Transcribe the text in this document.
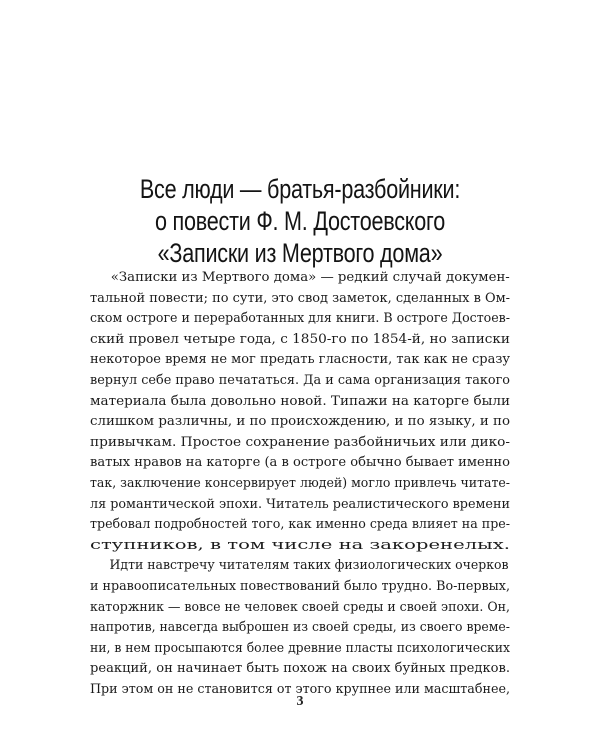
Все люди — братья-разбойники:
о повести Ф. М. Достоевского
«Записки из Мертвого дома»
«Записки из Мертвого дома» — редкий случай докумен-
тальной повести; по сути, это свод заметок, сделанных в Ом-
ском остроге и переработанных для книги. В остроге Достоев-
ский провел четыре года, с 1850-го по 1854-й, но записки
некоторое время не мог предать гласности, так как не сразу
вернул себе право печататься. Да и сама организация такого
материала была довольно новой. Типажи на каторге были
слишком различны, и по происхождению, и по языку, и по
привычкам. Простое сохранение разбойничьих или дико-
ватых нравов на каторге (а в остроге обычно бывает именно
так, заключение консервирует людей) могло привлечь читате-
ля романтической эпохи. Читатель реалистического времени
требовал подробностей того, как именно среда влияет на пре-
ступников, в том числе на закоренелых.
Идти навстречу читателям таких физиологических очерков
и нравоописательных повествований было трудно. Во-первых,
каторжник — вовсе не человек своей среды и своей эпохи. Он,
напротив, навсегда выброшен из своей среды, из своего време-
ни, в нем просыпаются более древние пласты психологических
реакций, он начинает быть похож на своих буйных предков.
При этом он не становится от этого крупнее или масштабнее,
3
